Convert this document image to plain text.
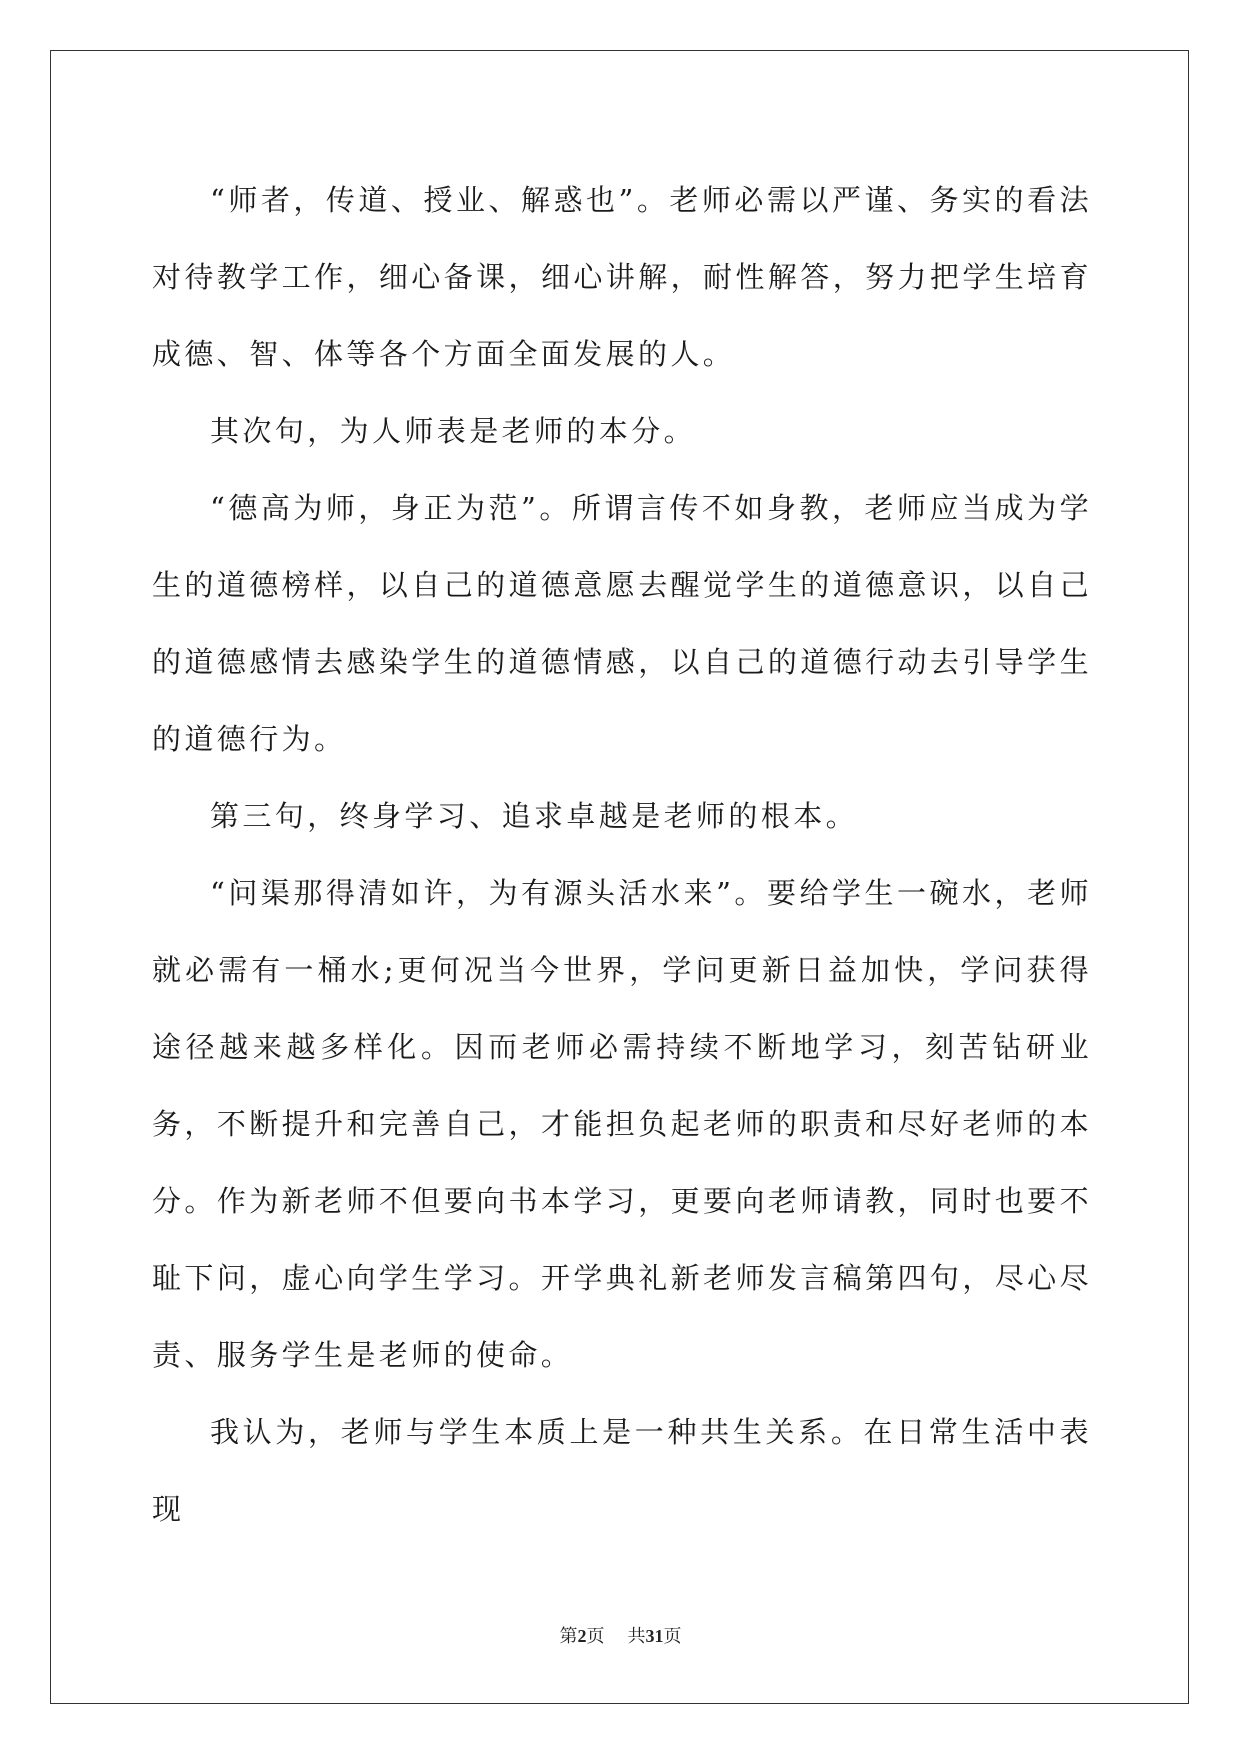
“师者，传道、授业、解惑也”。老师必需以严谨、务实的看法对待教学工作，细心备课，细心讲解，耐性解答，努力把学生培育成德、智、体等各个方面全面发展的人。

其次句，为人师表是老师的本分。

“德高为师，身正为范”。所谓言传不如身教，老师应当成为学生的道德榜样，以自己的道德意愿去醒觉学生的道德意识，以自己的道德感情去感染学生的道德情感，以自己的道德行动去引导学生的道德行为。

第三句，终身学习、追求卓越是老师的根本。

“问渠那得清如许，为有源头活水来”。要给学生一碗水，老师就必需有一桶水;更何况当今世界，学问更新日益加快，学问获得途径越来越多样化。因而老师必需持续不断地学习，刻苦钻研业务，不断提升和完善自己，才能担负起老师的职责和尽好老师的本分。作为新老师不但要向书本学习，更要向老师请教，同时也要不耻下问，虚心向学生学习。开学典礼新老师发言稿第四句，尽心尽责、服务学生是老师的使命。

我认为，老师与学生本质上是一种共生关系。在日常生活中表现

第2页 共31页
